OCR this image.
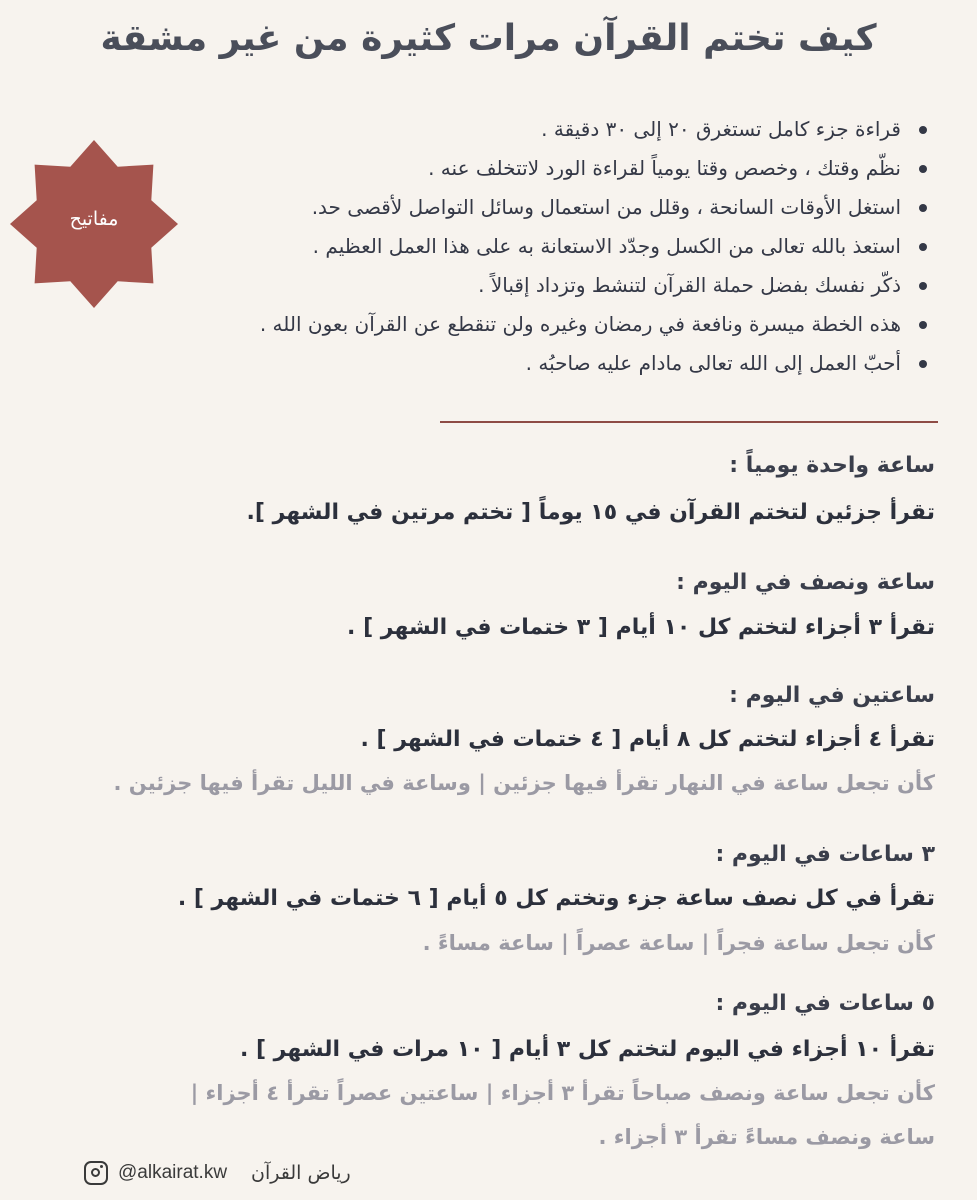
كيف تختم القرآن مرات كثيرة من غير مشقة
مفاتيح
قراءة جزء كامل تستغرق ٢٠ إلى ٣٠ دقيقة .
نظّم وقتك ، وخصص وقتا يومياً لقراءة الورد لاتتخلف عنه .
استغل الأوقات السانحة ، وقلل من استعمال وسائل التواصل لأقصى حد.
استعذ بالله تعالى من الكسل وجدّد الاستعانة به على هذا العمل العظيم .
ذكّر نفسك بفضل حملة القرآن لتنشط وتزداد إقبالاً .
هذه الخطة ميسرة ونافعة في رمضان وغيره ولن تنقطع عن القرآن بعون الله .
أحبّ العمل إلى الله تعالى مادام عليه صاحبُه .
ساعة واحدة يومياً :
تقرأ جزئين لتختم القرآن في ١٥ يوماً [ تختم مرتين في الشهر ].
ساعة ونصف في اليوم :
تقرأ ٣ أجزاء لتختم كل ١٠ أيام [ ٣ ختمات في الشهر ] .
ساعتين في اليوم :
تقرأ ٤ أجزاء لتختم كل ٨ أيام [ ٤ ختمات في الشهر ] .
كأن تجعل ساعة في النهار تقرأ فيها جزئين | وساعة في الليل تقرأ فيها جزئين .
٣ ساعات في اليوم :
تقرأ في كل نصف ساعة جزء وتختم كل ٥ أيام [ ٦ ختمات في الشهر ] .
كأن تجعل ساعة فجراً | ساعة عصراً | ساعة مساءً .
٥ ساعات في اليوم :
تقرأ ١٠ أجزاء في اليوم لتختم كل ٣ أيام [ ١٠ مرات في الشهر ] .
كأن تجعل ساعة ونصف صباحاً تقرأ ٣ أجزاء | ساعتين عصراً تقرأ ٤ أجزاء |
ساعة ونصف مساءً تقرأ ٣ أجزاء .
@alkairat.kw رياض القرآن
